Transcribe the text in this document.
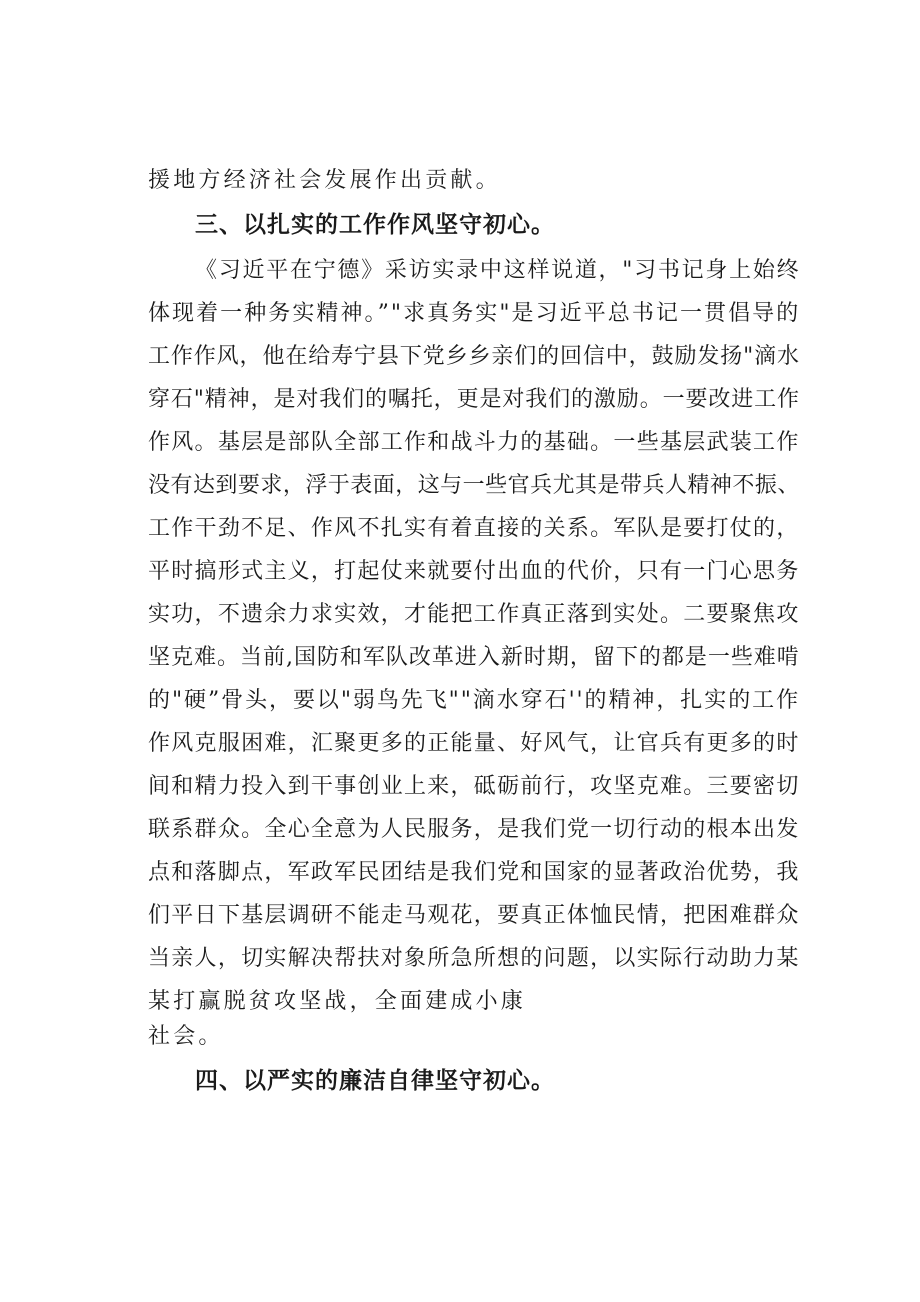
援地方经济社会发展作出贡献。
三、以扎实的工作作风坚守初心。
《习近平在宁德》采访实录中这样说道，"习书记身上始终
体现着一种务实精神。”"求真务实"是习近平总书记一贯倡导的
工作作风，他在给寿宁县下党乡乡亲们的回信中，鼓励发扬"滴水
穿石"精神，是对我们的嘱托，更是对我们的激励。一要改进工作
作风。基层是部队全部工作和战斗力的基础。一些基层武装工作
没有达到要求，浮于表面，这与一些官兵尤其是带兵人精神不振、
工作干劲不足、作风不扎实有着直接的关系。军队是要打仗的，
平时搞形式主义，打起仗来就要付出血的代价，只有一门心思务
实功，不遗余力求实效，才能把工作真正落到实处。二要聚焦攻
坚克难。当前,国防和军队改革进入新时期，留下的都是一些难啃
的"硬”骨头，要以"弱鸟先飞""滴水穿石''的精神，扎实的工作
作风克服困难，汇聚更多的正能量、好风气，让官兵有更多的时
间和精力投入到干事创业上来，砥砺前行，攻坚克难。三要密切
联系群众。全心全意为人民服务，是我们党一切行动的根本出发
点和落脚点，军政军民团结是我们党和国家的显著政治优势，我
们平日下基层调研不能走马观花，要真正体恤民情，把困难群众
当亲人，切实解决帮扶对象所急所想的问题，以实际行动助力某
某打赢脱贫攻坚战，全面建成小康
社会。
四、以严实的廉洁自律坚守初心。
